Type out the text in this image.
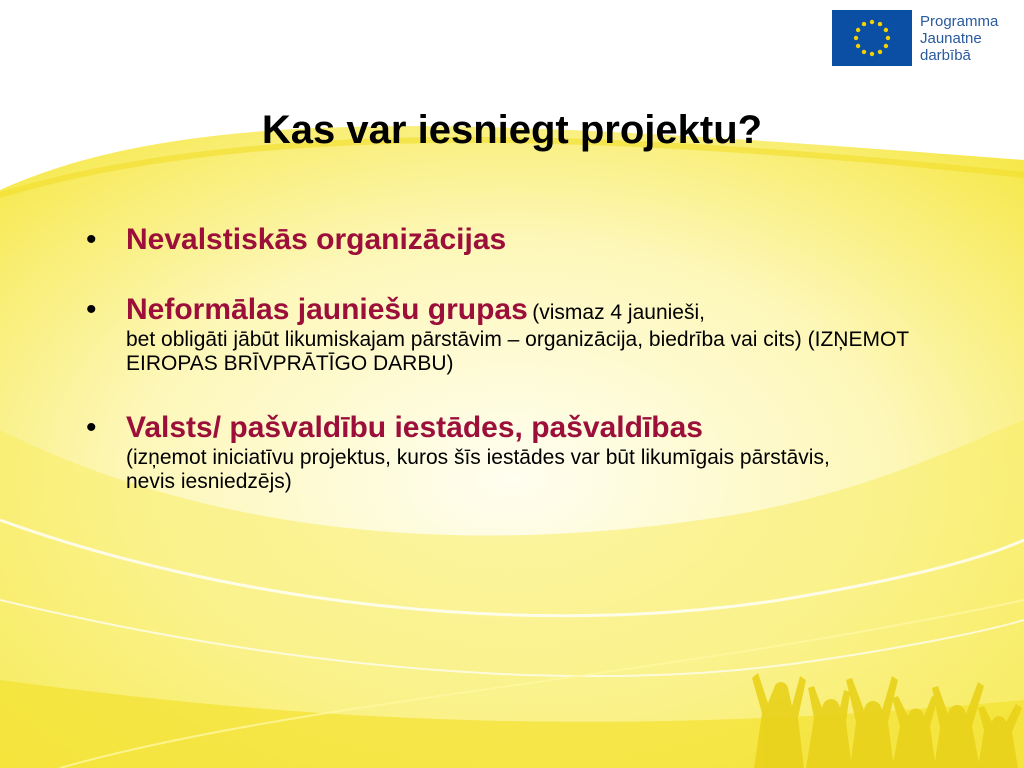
Programma
Jaunatne
darbībā
Kas var iesniegt projektu?
• Nevalstiskās organizācijas
• Neformālas jauniešu grupas (vismaz 4 jaunieši,
bet obligāti jābūt likumiskajam pārstāvim – organizācija, biedrība vai cits) (IZŅEMOT EIROPAS BRĪVPRĀTĪGO DARBU)
• Valsts/ pašvaldību iestādes, pašvaldības
(izņemot iniciatīvu projektus, kuros šīs iestādes var būt likumīgais pārstāvis, nevis iesniedzējs)
